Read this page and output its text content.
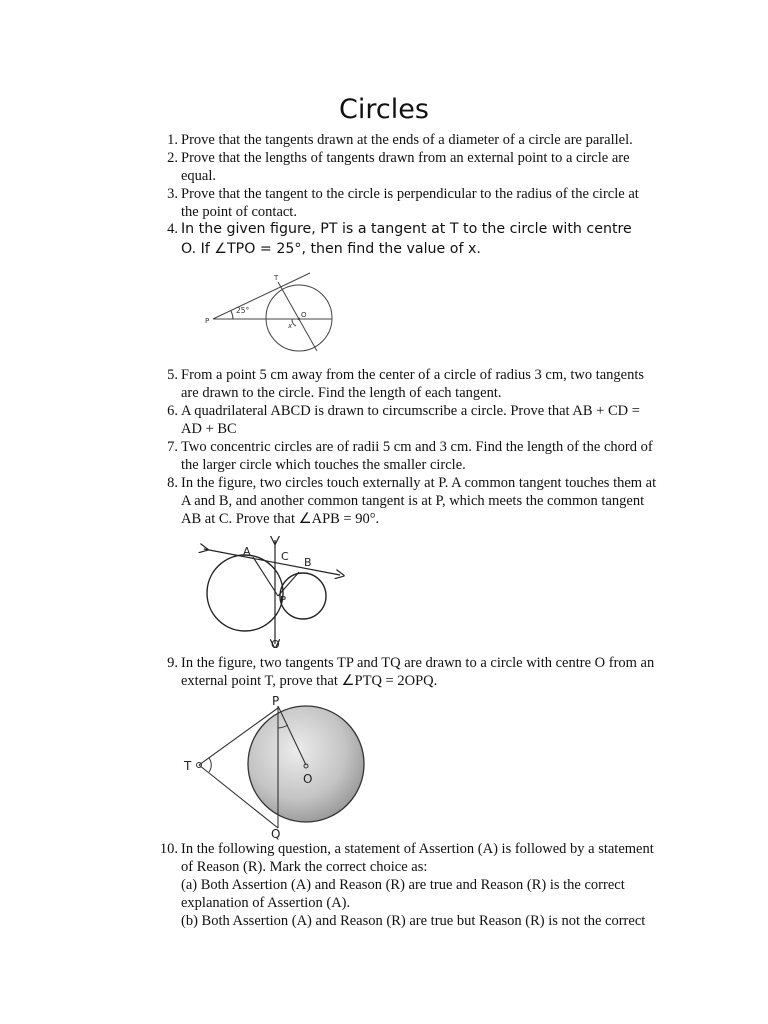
Circles
1. Prove that the tangents drawn at the ends of a diameter of a circle are parallel.
2. Prove that the lengths of tangents drawn from an external point to a circle are
equal.
3. Prove that the tangent to the circle is perpendicular to the radius of the circle at
the point of contact.
4. In the given figure, PT is a tangent at T to the circle with centre
O. If ∠TPO = 25°, then find the value of x.
T
P
O
x
25°
5. From a point 5 cm away from the center of a circle of radius 3 cm, two tangents
are drawn to the circle. Find the length of each tangent.
6. A quadrilateral ABCD is drawn to circumscribe a circle. Prove that AB + CD =
AD + BC
7. Two concentric circles are of radii 5 cm and 3 cm. Find the length of the chord of
the larger circle which touches the smaller circle.
8. In the figure, two circles touch externally at P. A common tangent touches them at
A and B, and another common tangent is at P, which meets the common tangent
AB at C. Prove that ∠APB = 90°.
A	C B
P
Q
9. In the figure, two tangents TP and TQ are drawn to a circle with centre O from an
external point T, prove that ∠PTQ = 2OPQ.
P
Q
T
O
10. In the following question, a statement of Assertion (A) is followed by a statement
of Reason (R). Mark the correct choice as:
(a) Both Assertion (A) and Reason (R) are true and Reason (R) is the correct
explanation of Assertion (A).
(b) Both Assertion (A) and Reason (R) are true but Reason (R) is not the correct
